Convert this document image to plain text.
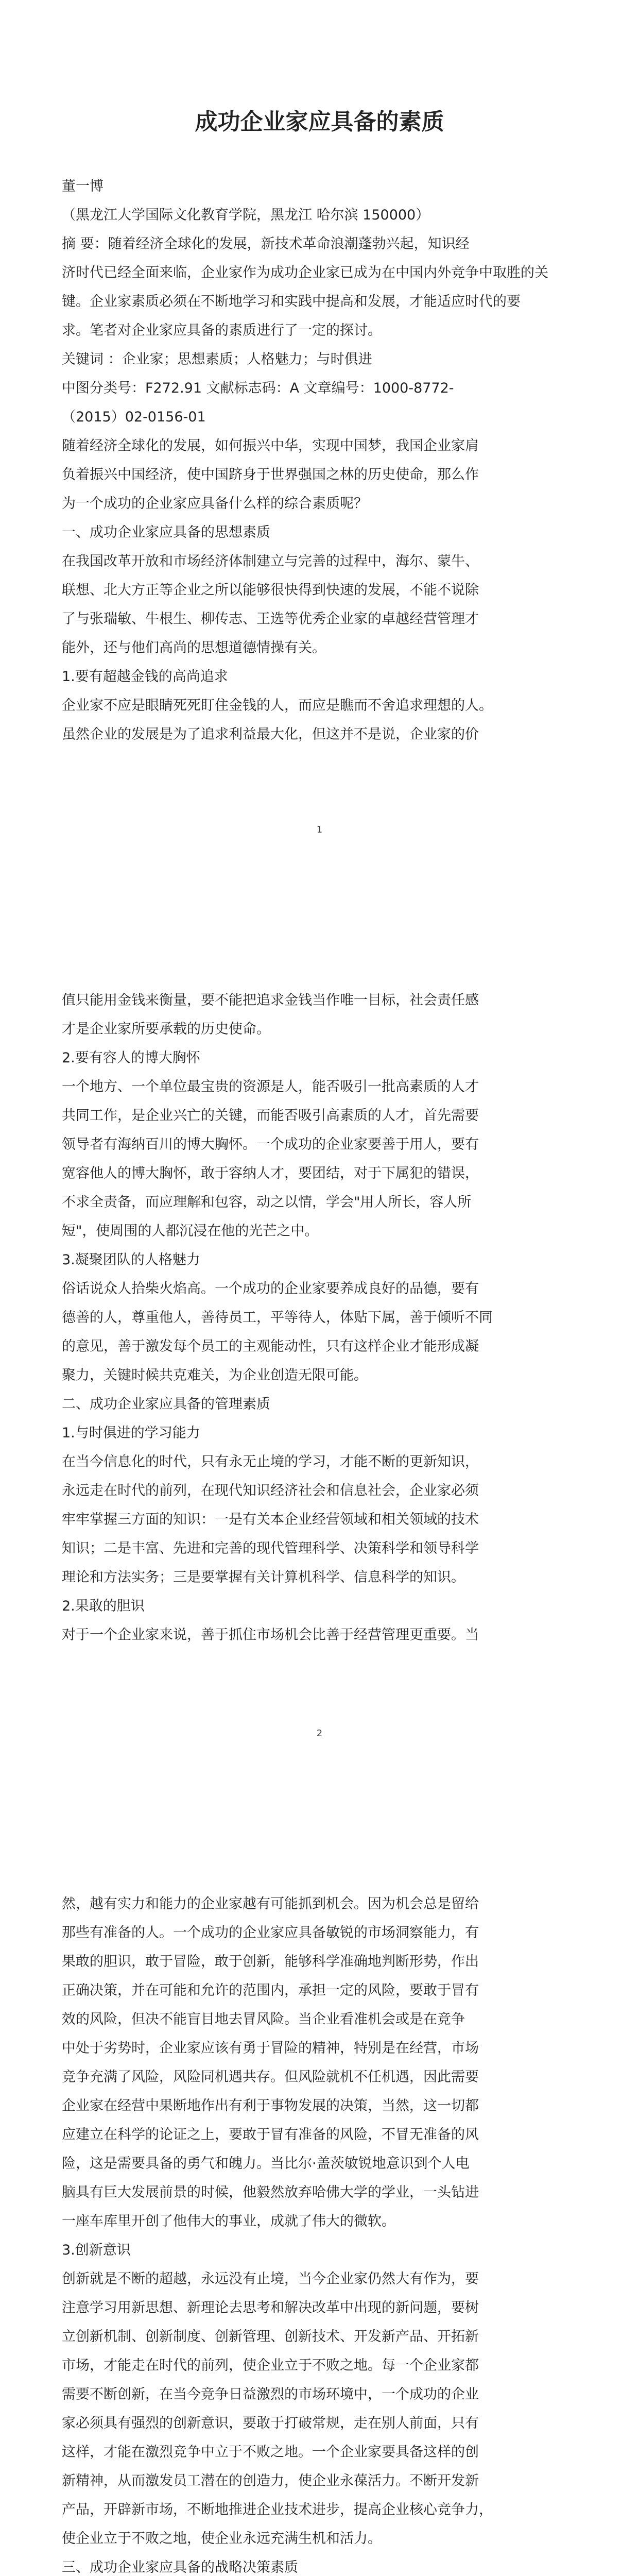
成功企业家应具备的素质

董一博

（黑龙江大学国际文化教育学院，黑龙江 哈尔滨 150000）

摘 要：随着经济全球化的发展，新技术革命浪潮蓬勃兴起，知识经

济时代已经全面来临，企业家作为成功企业家已成为在中国内外竞争中取胜的关

键。企业家素质必须在不断地学习和实践中提高和发展，才能适应时代的要

求。笔者对企业家应具备的素质进行了一定的探讨。

关键词 ：企业家；思想素质；人格魅力；与时俱进

中图分类号：F272.91 文献标志码：A 文章编号：1000-8772-

（2015）02-0156-01

随着经济全球化的发展，如何振兴中华，实现中国梦，我国企业家肩

负着振兴中国经济，使中国跻身于世界强国之林的历史使命，那么作

为一个成功的企业家应具备什么样的综合素质呢？

一、成功企业家应具备的思想素质

在我国改革开放和市场经济体制建立与完善的过程中，海尔、蒙牛、

联想、北大方正等企业之所以能够很快得到快速的发展，不能不说除

了与张瑞敏、牛根生、柳传志、王选等优秀企业家的卓越经营管理才

能外，还与他们高尚的思想道德情操有关。

1.要有超越金钱的高尚追求

企业家不应是眼睛死死盯住金钱的人，而应是瞧而不舍追求理想的人。

虽然企业的发展是为了追求利益最大化，但这并不是说，企业家的价

1

值只能用金钱来衡量，要不能把追求金钱当作唯一目标，社会责任感

才是企业家所要承载的历史使命。

2.要有容人的博大胸怀

一个地方、一个单位最宝贵的资源是人，能否吸引一批高素质的人才

共同工作，是企业兴亡的关键，而能否吸引高素质的人才，首先需要

领导者有海纳百川的博大胸怀。一个成功的企业家要善于用人，要有

宽容他人的博大胸怀，敢于容纳人才，要团结，对于下属犯的错误，

不求全责备，而应理解和包容，动之以情，学会"用人所长，容人所

短"，使周围的人都沉浸在他的光芒之中。

3.凝聚团队的人格魅力

俗话说众人拾柴火焰高。一个成功的企业家要养成良好的品德，要有

德善的人，尊重他人，善待员工，平等待人，体贴下属，善于倾听不同

的意见，善于激发每个员工的主观能动性，只有这样企业才能形成凝

聚力，关键时候共克难关，为企业创造无限可能。

二、成功企业家应具备的管理素质

1.与时俱进的学习能力

在当今信息化的时代，只有永无止境的学习，才能不断的更新知识，

永远走在时代的前列，在现代知识经济社会和信息社会，企业家必须

牢牢掌握三方面的知识：一是有关本企业经营领域和相关领域的技术

知识；二是丰富、先进和完善的现代管理科学、决策科学和领导科学

理论和方法实务；三是要掌握有关计算机科学、信息科学的知识。

2.果敢的胆识

对于一个企业家来说，善于抓住市场机会比善于经营管理更重要。当

2

然，越有实力和能力的企业家越有可能抓到机会。因为机会总是留给

那些有准备的人。一个成功的企业家应具备敏锐的市场洞察能力，有

果敢的胆识，敢于冒险，敢于创新，能够科学准确地判断形势，作出

正确决策，并在可能和允许的范围内，承担一定的风险，要敢于冒有

效的风险，但决不能盲目地去冒风险。当企业看准机会或是在竞争

中处于劣势时，企业家应该有勇于冒险的精神，特别是在经营，市场

竞争充满了风险，风险同机遇共存。但风险就机不任机遇，因此需要

企业家在经营中果断地作出有利于事物发展的决策，当然，这一切都

应建立在科学的论证之上，要敢于冒有准备的风险，不冒无准备的风

险，这是需要具备的勇气和魄力。当比尔·盖茨敏锐地意识到个人电

脑具有巨大发展前景的时候，他毅然放弃哈佛大学的学业，一头钻进

一座车库里开创了他伟大的事业，成就了伟大的微软。

3.创新意识

创新就是不断的超越，永远没有止境，当今企业家仍然大有作为，要

注意学习用新思想、新理论去思考和解决改革中出现的新问题，要树

立创新机制、创新制度、创新管理、创新技术、开发新产品、开拓新

市场，才能走在时代的前列，使企业立于不败之地。每一个企业家都

需要不断创新，在当今竞争日益激烈的市场环境中，一个成功的企业

家必须具有强烈的创新意识，要敢于打破常规，走在别人前面，只有

这样，才能在激烈竞争中立于不败之地。一个企业家要具备这样的创

新精神，从而激发员工潜在的创造力，使企业永葆活力。不断开发新

产品，开辟新市场，不断地推进企业技术进步，提高企业核心竞争力，

使企业立于不败之地，使企业永远充满生机和活力。

三、成功企业家应具备的战略决策素质
